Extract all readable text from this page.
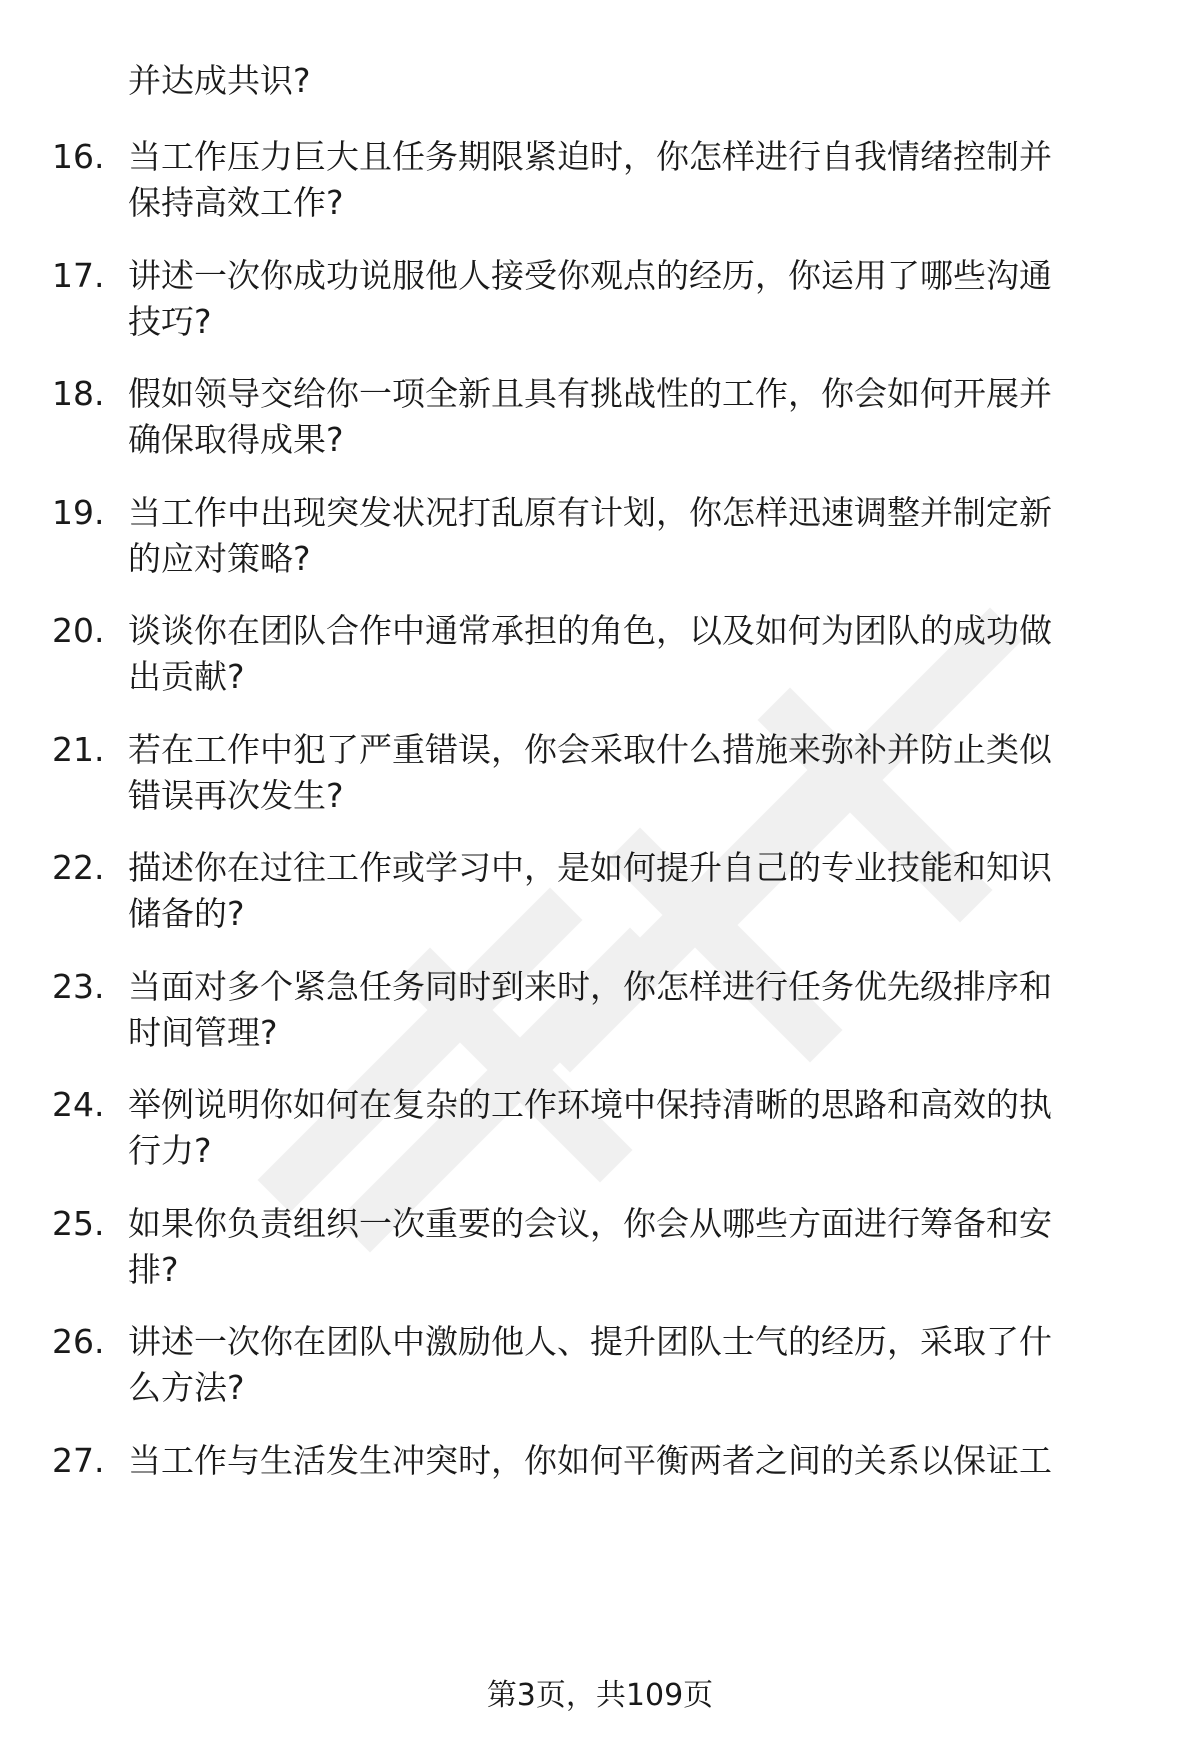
并达成共识?
16. 当工作压力巨大且任务期限紧迫时，你怎样进行自我情绪控制并
保持高效工作?
17. 讲述一次你成功说服他人接受你观点的经历，你运用了哪些沟通
技巧?
18. 假如领导交给你一项全新且具有挑战性的工作，你会如何开展并
确保取得成果?
19. 当工作中出现突发状况打乱原有计划，你怎样迅速调整并制定新
的应对策略?
20. 谈谈你在团队合作中通常承担的角色，以及如何为团队的成功做
出贡献?
21. 若在工作中犯了严重错误，你会采取什么措施来弥补并防止类似
错误再次发生?
22. 描述你在过往工作或学习中，是如何提升自己的专业技能和知识
储备的?
23. 当面对多个紧急任务同时到来时，你怎样进行任务优先级排序和
时间管理?
24. 举例说明你如何在复杂的工作环境中保持清晰的思路和高效的执
行力?
25. 如果你负责组织一次重要的会议，你会从哪些方面进行筹备和安
排?
26. 讲述一次你在团队中激励他人、提升团队士气的经历，采取了什
么方法?
27. 当工作与生活发生冲突时，你如何平衡两者之间的关系以保证工
第3页，共109页
